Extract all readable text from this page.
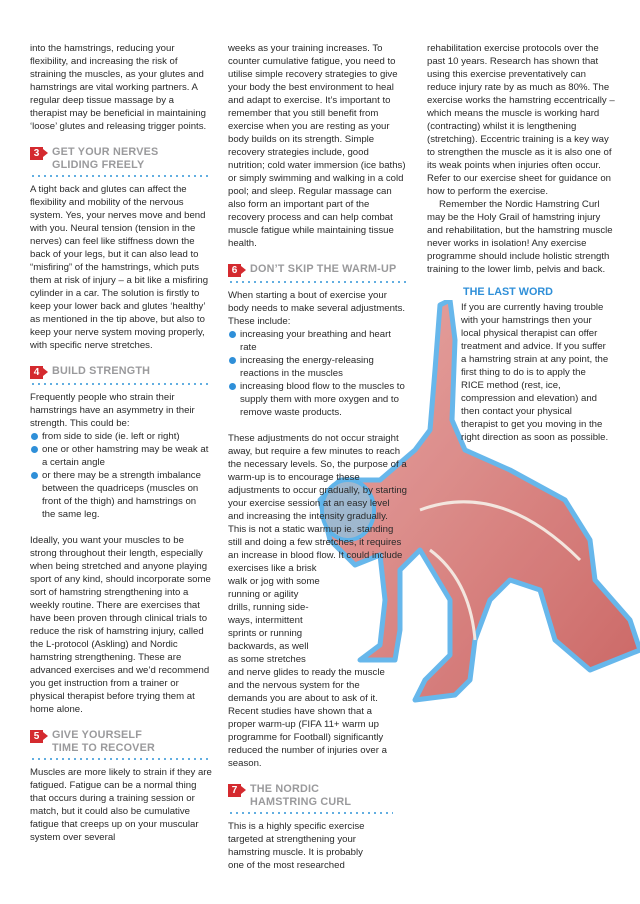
into the hamstrings, reducing your flexibility, and increasing the risk of straining the muscles, as your glutes and hamstrings are vital working partners. A regular deep tissue massage by a therapist may be beneficial in maintaining ‘loose’ glutes and releasing trigger points.

3	GET YOUR NERVES
GLIDING FREELY

A tight back and glutes can affect the flexibility and mobility of the nervous system. Yes, your nerves move and bend with you. Neural tension (tension in the nerves) can feel like stiffness down the back of your legs, but it can also lead to “misfiring” of the hamstrings, which puts them at risk of injury – a bit like a misfiring cylinder in a car. The solution is firstly to keep your lower back and glutes ‘healthy’ as mentioned in the tip above, but also to keep your nerve system moving properly, with specific nerve stretches.

4	BUILD STRENGTH

Frequently people who strain their hamstrings have an asymmetry in their strength. This could be:

from side to side (ie. left or right)
one or other hamstring may be weak at a certain angle
or there may be a strength imbalance between the quadriceps (muscles on front of the thigh) and hamstrings on the same leg.

Ideally, you want your muscles to be strong throughout their length, especially when being stretched and anyone playing sport of any kind, should incorporate some sort of hamstring strengthening into a weekly routine. There are exercises that have been proven through clinical trials to reduce the risk of hamstring injury, called the L-protocol (Askling) and Nordic hamstring strengthening. These are advanced exercises and we’d recommend you get instruction from a trainer or physical therapist before trying them at home alone.

5	GIVE YOURSELF
TIME TO RECOVER

Muscles are more likely to strain if they are fatigued. Fatigue can be a normal thing that occurs during a training session or match, but it could also be cumulative fatigue that creeps up on your muscular system over several

weeks as your training increases. To counter cumulative fatigue, you need to utilise simple recovery strategies to give your body the best environment to heal and adapt to exercise. It’s important to remember that you still benefit from exercise when you are resting as your body builds on its strength. Simple recovery strategies include, good nutrition; cold water immersion (ice baths) or simply swimming and walking in a cold pool; and sleep. Regular massage can also form an important part of the recovery process and can help combat muscle fatigue while maintaining tissue health.

6	DON’T SKIP THE WARM-UP

When starting a bout of exercise your body needs to make several adjustments. These include:

increasing your breathing and heart rate
increasing the energy-releasing reactions in the muscles
increasing blood flow to the muscles to supply them with more oxygen and to remove waste products.

These adjustments do not occur straight away, but require a few minutes to reach the necessary levels. So, the purpose of a warm-up is to encourage these adjustments to occur gradually, by starting your exercise session at an easy level and increasing the intensity gradually. This is not a static warmup ie. standing still and doing a few stretches, it requires an increase in blood flow. It could include exercises like a brisk

walk or jog with some running or agility drills, running side-ways, intermittent sprints or running backwards, as well as some stretches

and nerve glides to ready the muscle and the nervous system for the demands you are about to ask of it. Recent studies have shown that a proper warm-up (FIFA 11+ warm up programme for Football) significantly reduced the number of injuries over a season.

7	THE NORDIC
HAMSTRING CURL

This is a highly specific exercise targeted at strengthening your hamstring muscle. It is probably one of the most researched

rehabilitation exercise protocols over the past 10 years. Research has shown that using this exercise preventatively can reduce injury rate by as much as 80%. The exercise works the hamstring eccentrically – which means the muscle is working hard (contracting) whilst it is lengthening (stretching). Eccentric training is a key way to strengthen the muscle as it is also one of its weak points when injuries often occur. Refer to our exercise sheet for guidance on how to perform the exercise.

Remember the Nordic Hamstring Curl may be the Holy Grail of hamstring injury and rehabilitation, but the hamstring muscle never works in isolation! Any exercise programme should include holistic strength training to the lower limb, pelvis and back.

THE LAST WORD

If you are currently having trouble with your hamstrings then your local physical therapist can offer treatment and advice. If you suffer a hamstring strain at any point, the first thing to do is to apply the RICE method (rest, ice, compression and elevation) and then contact your physical therapist to get you moving in the right direction as soon as possible.
